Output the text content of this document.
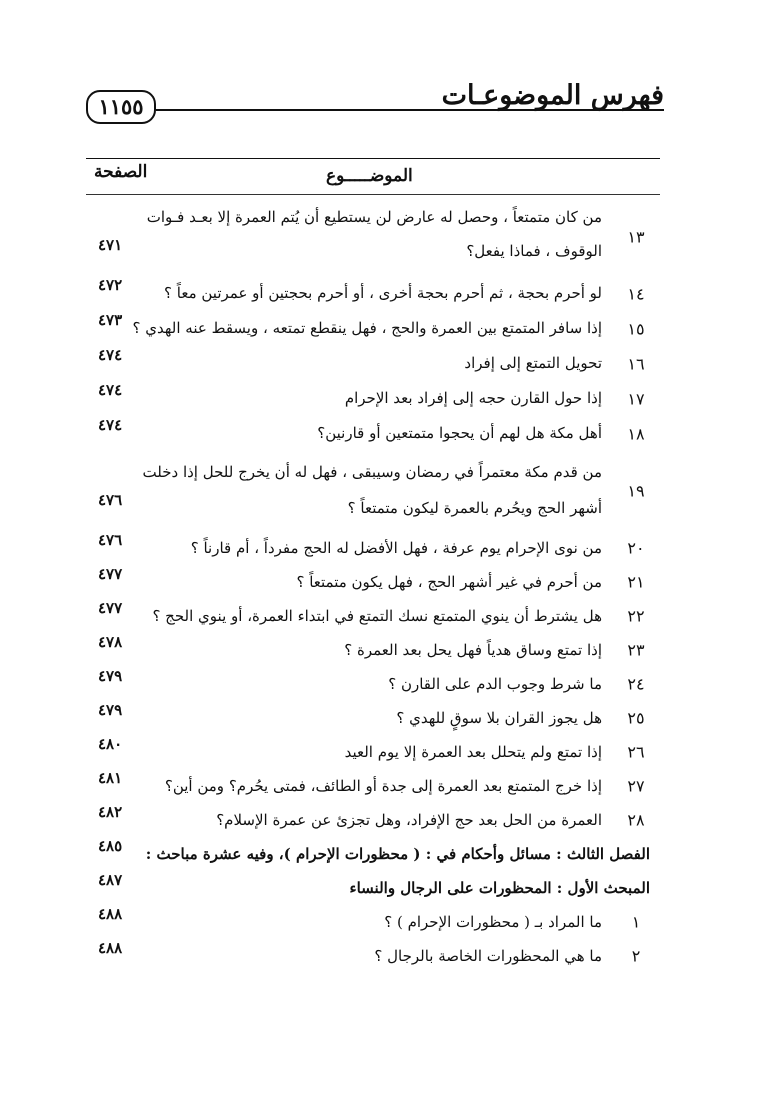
فهرس الموضوعـات
١١٥٥
الصفحة	الموضـــــوع
١٣
من كان متمتعاً ، وحصل له عارض لن يستطيع أن يُتم العمرة إلا بعـد فـوات
الوقوف ، فماذا يفعل؟
٤٧١
١٤
لو أحرم بحجة ، ثم أحرم بحجة أخرى ، أو أحرم بحجتين أو عمرتين معاً ؟
٤٧٢
١٥
إذا سافر المتمتع بين العمرة والحج ، فهل ينقطع تمتعه ، ويسقط عنه الهدي ؟
٤٧٣
١٦
تحويل التمتع إلى إفراد
٤٧٤
١٧
إذا حول القارن حجه إلى إفراد بعد الإحرام
٤٧٤
١٨
أهل مكة هل لهم أن يحجوا متمتعين أو قارنين؟
٤٧٤
١٩
من قدم مكة معتمراً في رمضان وسيبقى ، فهل له أن يخرج للحل إذا دخلت
أشهر الحج ويحُرم بالعمرة ليكون متمتعاً ؟
٤٧٦
٢٠
من نوى الإحرام يوم عرفة ، فهل الأفضل له الحج مفرداً ، أم قارناً ؟
٤٧٦
٢١
من أحرم في غير أشهر الحج ، فهل يكون متمتعاً ؟
٤٧٧
٢٢
هل يشترط أن ينوي المتمتع نسك التمتع في ابتداء العمرة، أو ينوي الحج ؟
٤٧٧
٢٣
إذا تمتع وساق هدياً فهل يحل بعد العمرة ؟
٤٧٨
٢٤
ما شرط وجوب الدم على القارن ؟
٤٧٩
٢٥
هل يجوز القران بلا سوقٍ للهدي ؟
٤٧٩
٢٦
إذا تمتع ولم يتحلل بعد العمرة إلا يوم العيد
٤٨٠
٢٧
إذا خرج المتمتع بعد العمرة إلى جدة أو الطائف، فمتى يحُرم؟ ومن أين؟
٤٨١
٢٨
العمرة من الحل بعد حج الإفراد، وهل تجزئ عن عمرة الإسلام؟
٤٨٢
الفصل الثالث : مسائل وأحكام في : ( محظورات الإحرام )، وفيه عشرة مباحث :
٤٨٥
المبحث الأول : المحظورات على الرجال والنساء
٤٨٧
١
ما المراد بـ ( محظورات الإحرام ) ؟
٤٨٨
٢
ما هي المحظورات الخاصة بالرجال ؟
٤٨٨
